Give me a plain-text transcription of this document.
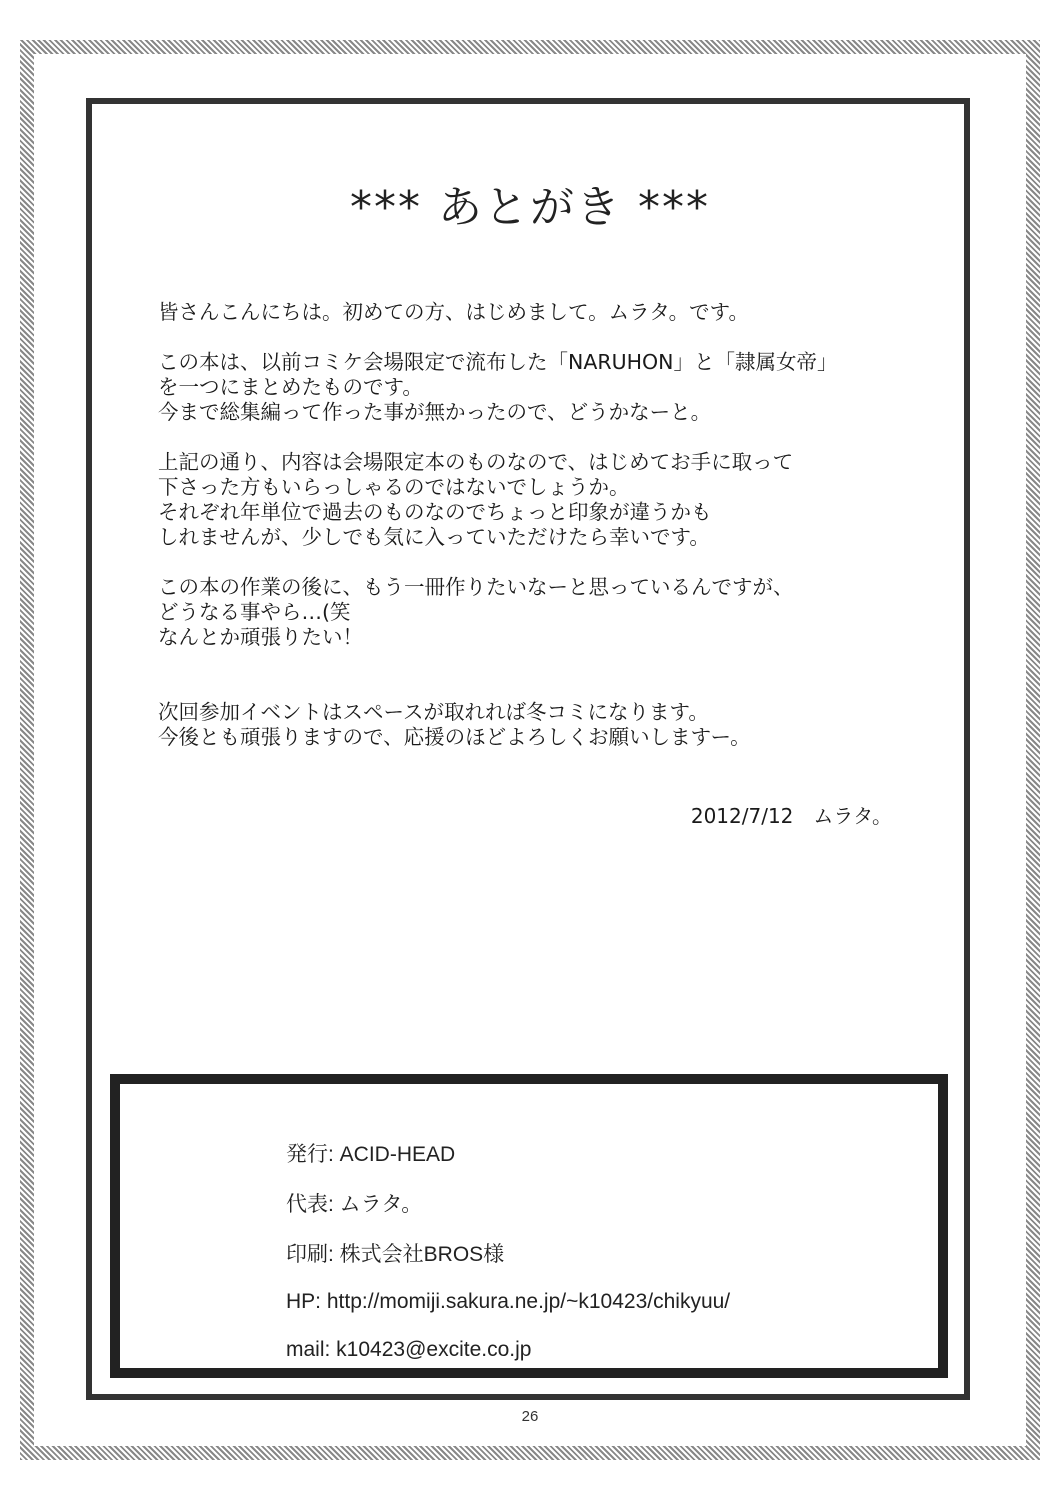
*** あとがき ***

皆さんこんにちは。初めての方、はじめまして。ムラタ。です。

この本は、以前コミケ会場限定で流布した「NARUHON」と「隷属女帝」

を一つにまとめたものです。

今まで総集編って作った事が無かったので、どうかなーと。

上記の通り、内容は会場限定本のものなので、はじめてお手に取って

下さった方もいらっしゃるのではないでしょうか。

それぞれ年単位で過去のものなのでちょっと印象が違うかも

しれませんが、少しでも気に入っていただけたら幸いです。

この本の作業の後に、もう一冊作りたいなーと思っているんですが、

どうなる事やら…(笑

なんとか頑張りたい！

次回参加イベントはスペースが取れれば冬コミになります。

今後とも頑張りますので、応援のほどよろしくお願いしますー。

2012/7/12　ムラタ。
発行: ACID-HEAD
代表: ムラタ。
印刷: 株式会社BROS様
HP: http://momiji.sakura.ne.jp/~k10423/chikyuu/
mail: k10423@excite.co.jp
26
